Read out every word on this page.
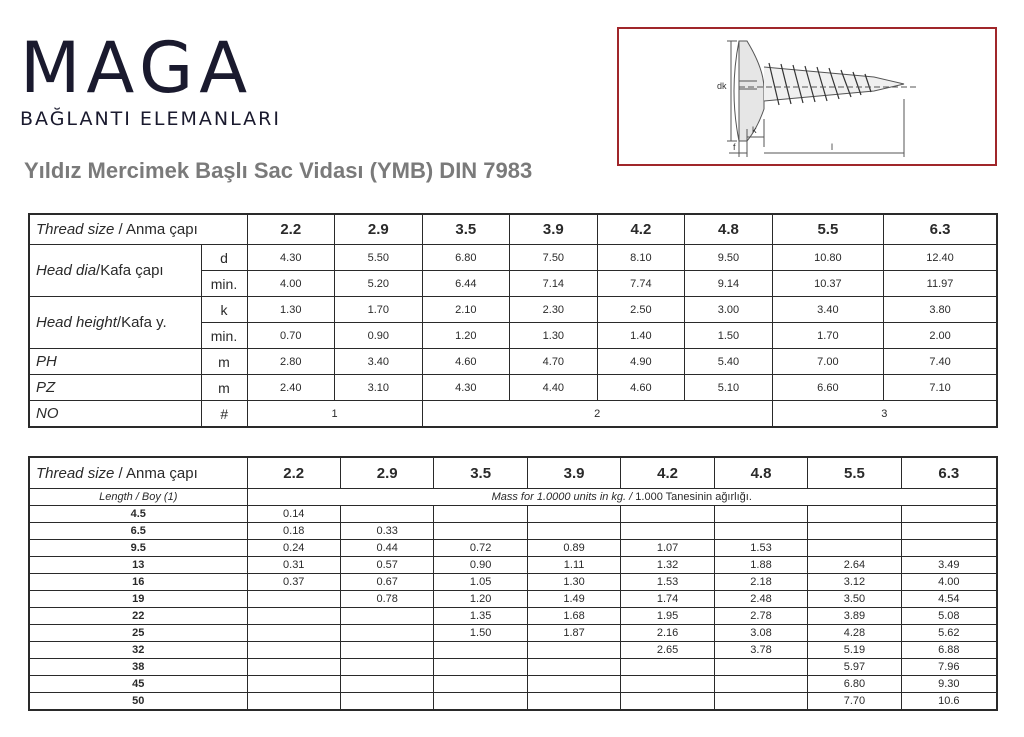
MAGA
BAĞLANTI ELEMANLARI
Yıldız Mercimek Başlı Sac Vidası (YMB) DIN 7983
dk
k
f	l
Thread size / Anma çapı		2.2	2.9	3.5	3.9	4.2	4.8	5.5	6.3
Head dia/Kafa çapı	d	4.30	5.50	6.80	7.50	8.10	9.50	10.80	12.40
	min.	4.00	5.20	6.44	7.14	7.74	9.14	10.37	11.97
Head height/Kafa y.	k	1.30	1.70	2.10	2.30	2.50	3.00	3.40	3.80
	min.	0.70	0.90	1.20	1.30	1.40	1.50	1.70	2.00
PH	m	2.80	3.40	4.60	4.70	4.90	5.40	7.00	7.40
PZ	m	2.40	3.10	4.30	4.40	4.60	5.10	6.60	7.10
NO	#	1		2				3	
Thread size / Anma çapı	2.2	2.9	3.5	3.9	4.2	4.8	5.5	6.3
Length / Boy (1)	Mass for 1.0000 units in kg. / 1.000 Tanesinin ağırlığı.							
4.5	0.14							
6.5	0.18	0.33						
9.5	0.24	0.44	0.72	0.89	1.07	1.53		
13	0.31	0.57	0.90	1.11	1.32	1.88	2.64	3.49
16	0.37	0.67	1.05	1.30	1.53	2.18	3.12	4.00
19		0.78	1.20	1.49	1.74	2.48	3.50	4.54
22			1.35	1.68	1.95	2.78	3.89	5.08
25			1.50	1.87	2.16	3.08	4.28	5.62
32					2.65	3.78	5.19	6.88
38							5.97	7.96
45							6.80	9.30
50							7.70	10.6
